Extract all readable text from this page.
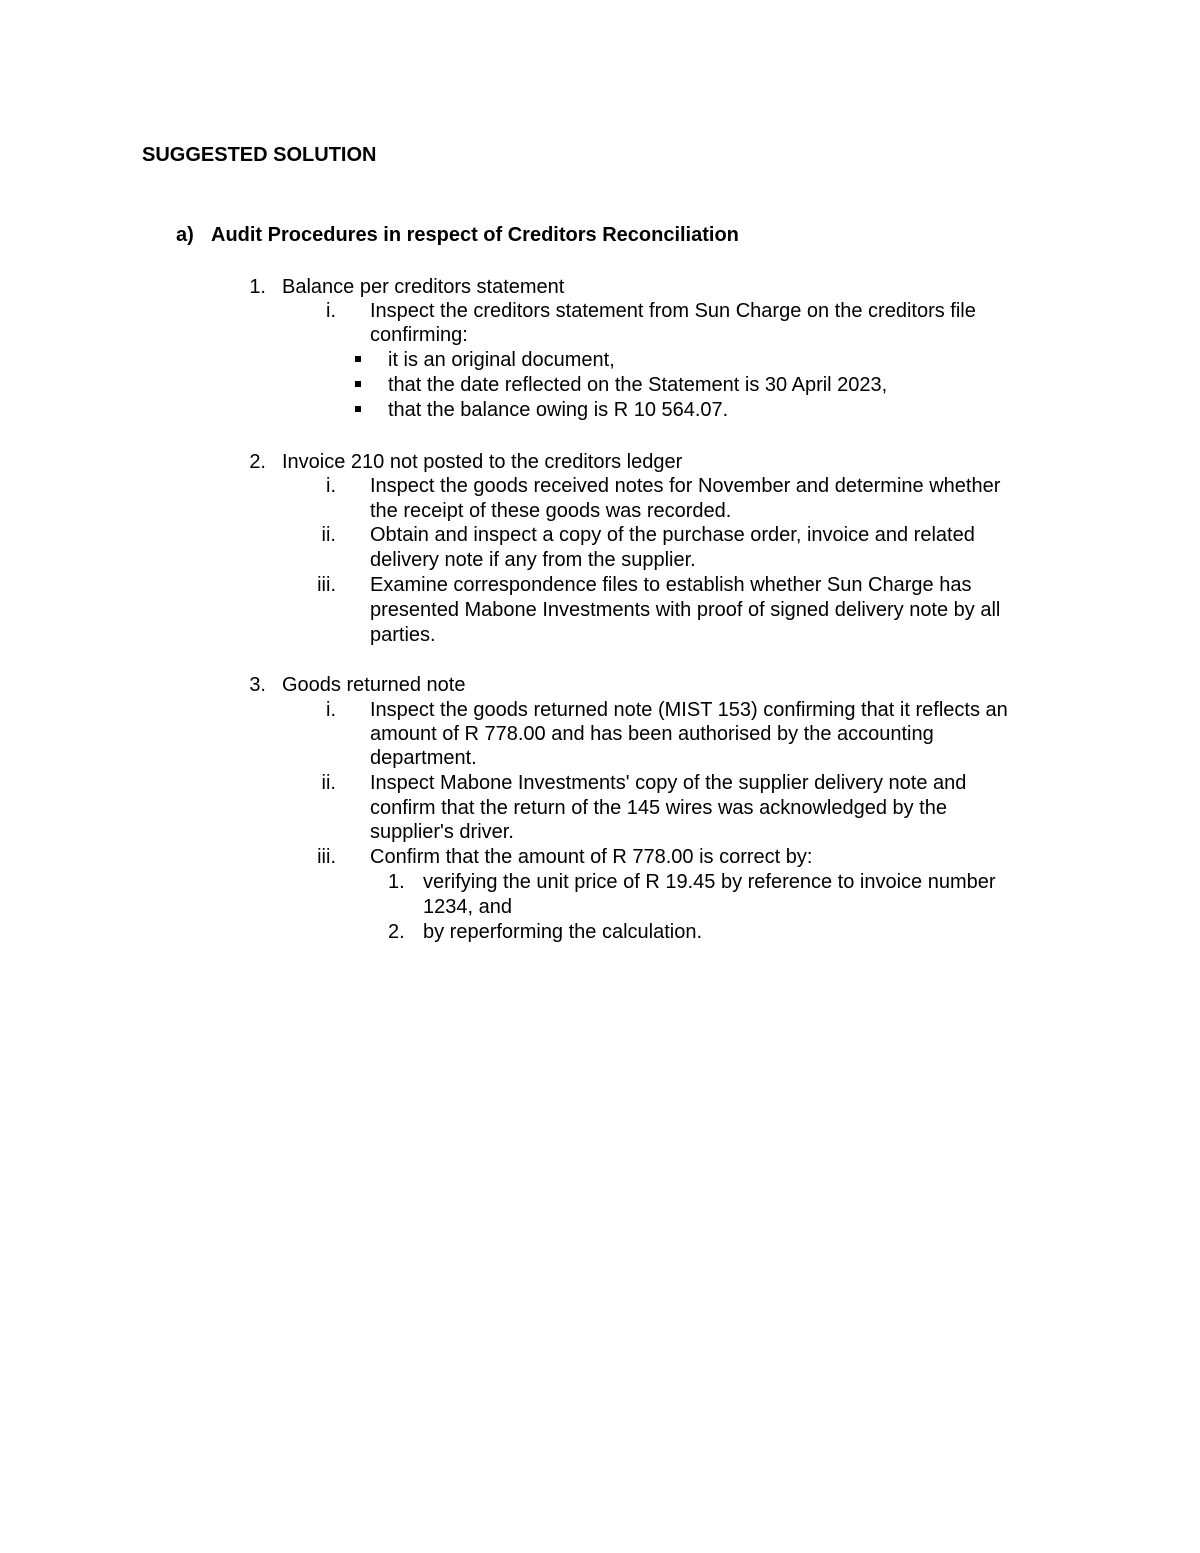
SUGGESTED SOLUTION
a) Audit Procedures in respect of Creditors Reconciliation
1. Balance per creditors statement
i. Inspect the creditors statement from Sun Charge on the creditors file
confirming:
it is an original document,
that the date reflected on the Statement is 30 April 2023,
that the balance owing is R 10 564.07.
2. Invoice 210 not posted to the creditors ledger
i. Inspect the goods received notes for November and determine whether
the receipt of these goods was recorded.
ii. Obtain and inspect a copy of the purchase order, invoice and related
delivery note if any from the supplier.
iii. Examine correspondence files to establish whether Sun Charge has
presented Mabone Investments with proof of signed delivery note by all
parties.
3. Goods returned note
i. Inspect the goods returned note (MIST 153) confirming that it reflects an
amount of R 778.00 and has been authorised by the accounting
department.
ii. Inspect Mabone Investments' copy of the supplier delivery note and
confirm that the return of the 145 wires was acknowledged by the
supplier's driver.
iii. Confirm that the amount of R 778.00 is correct by:
1. verifying the unit price of R 19.45 by reference to invoice number
1234, and
2. by reperforming the calculation.
